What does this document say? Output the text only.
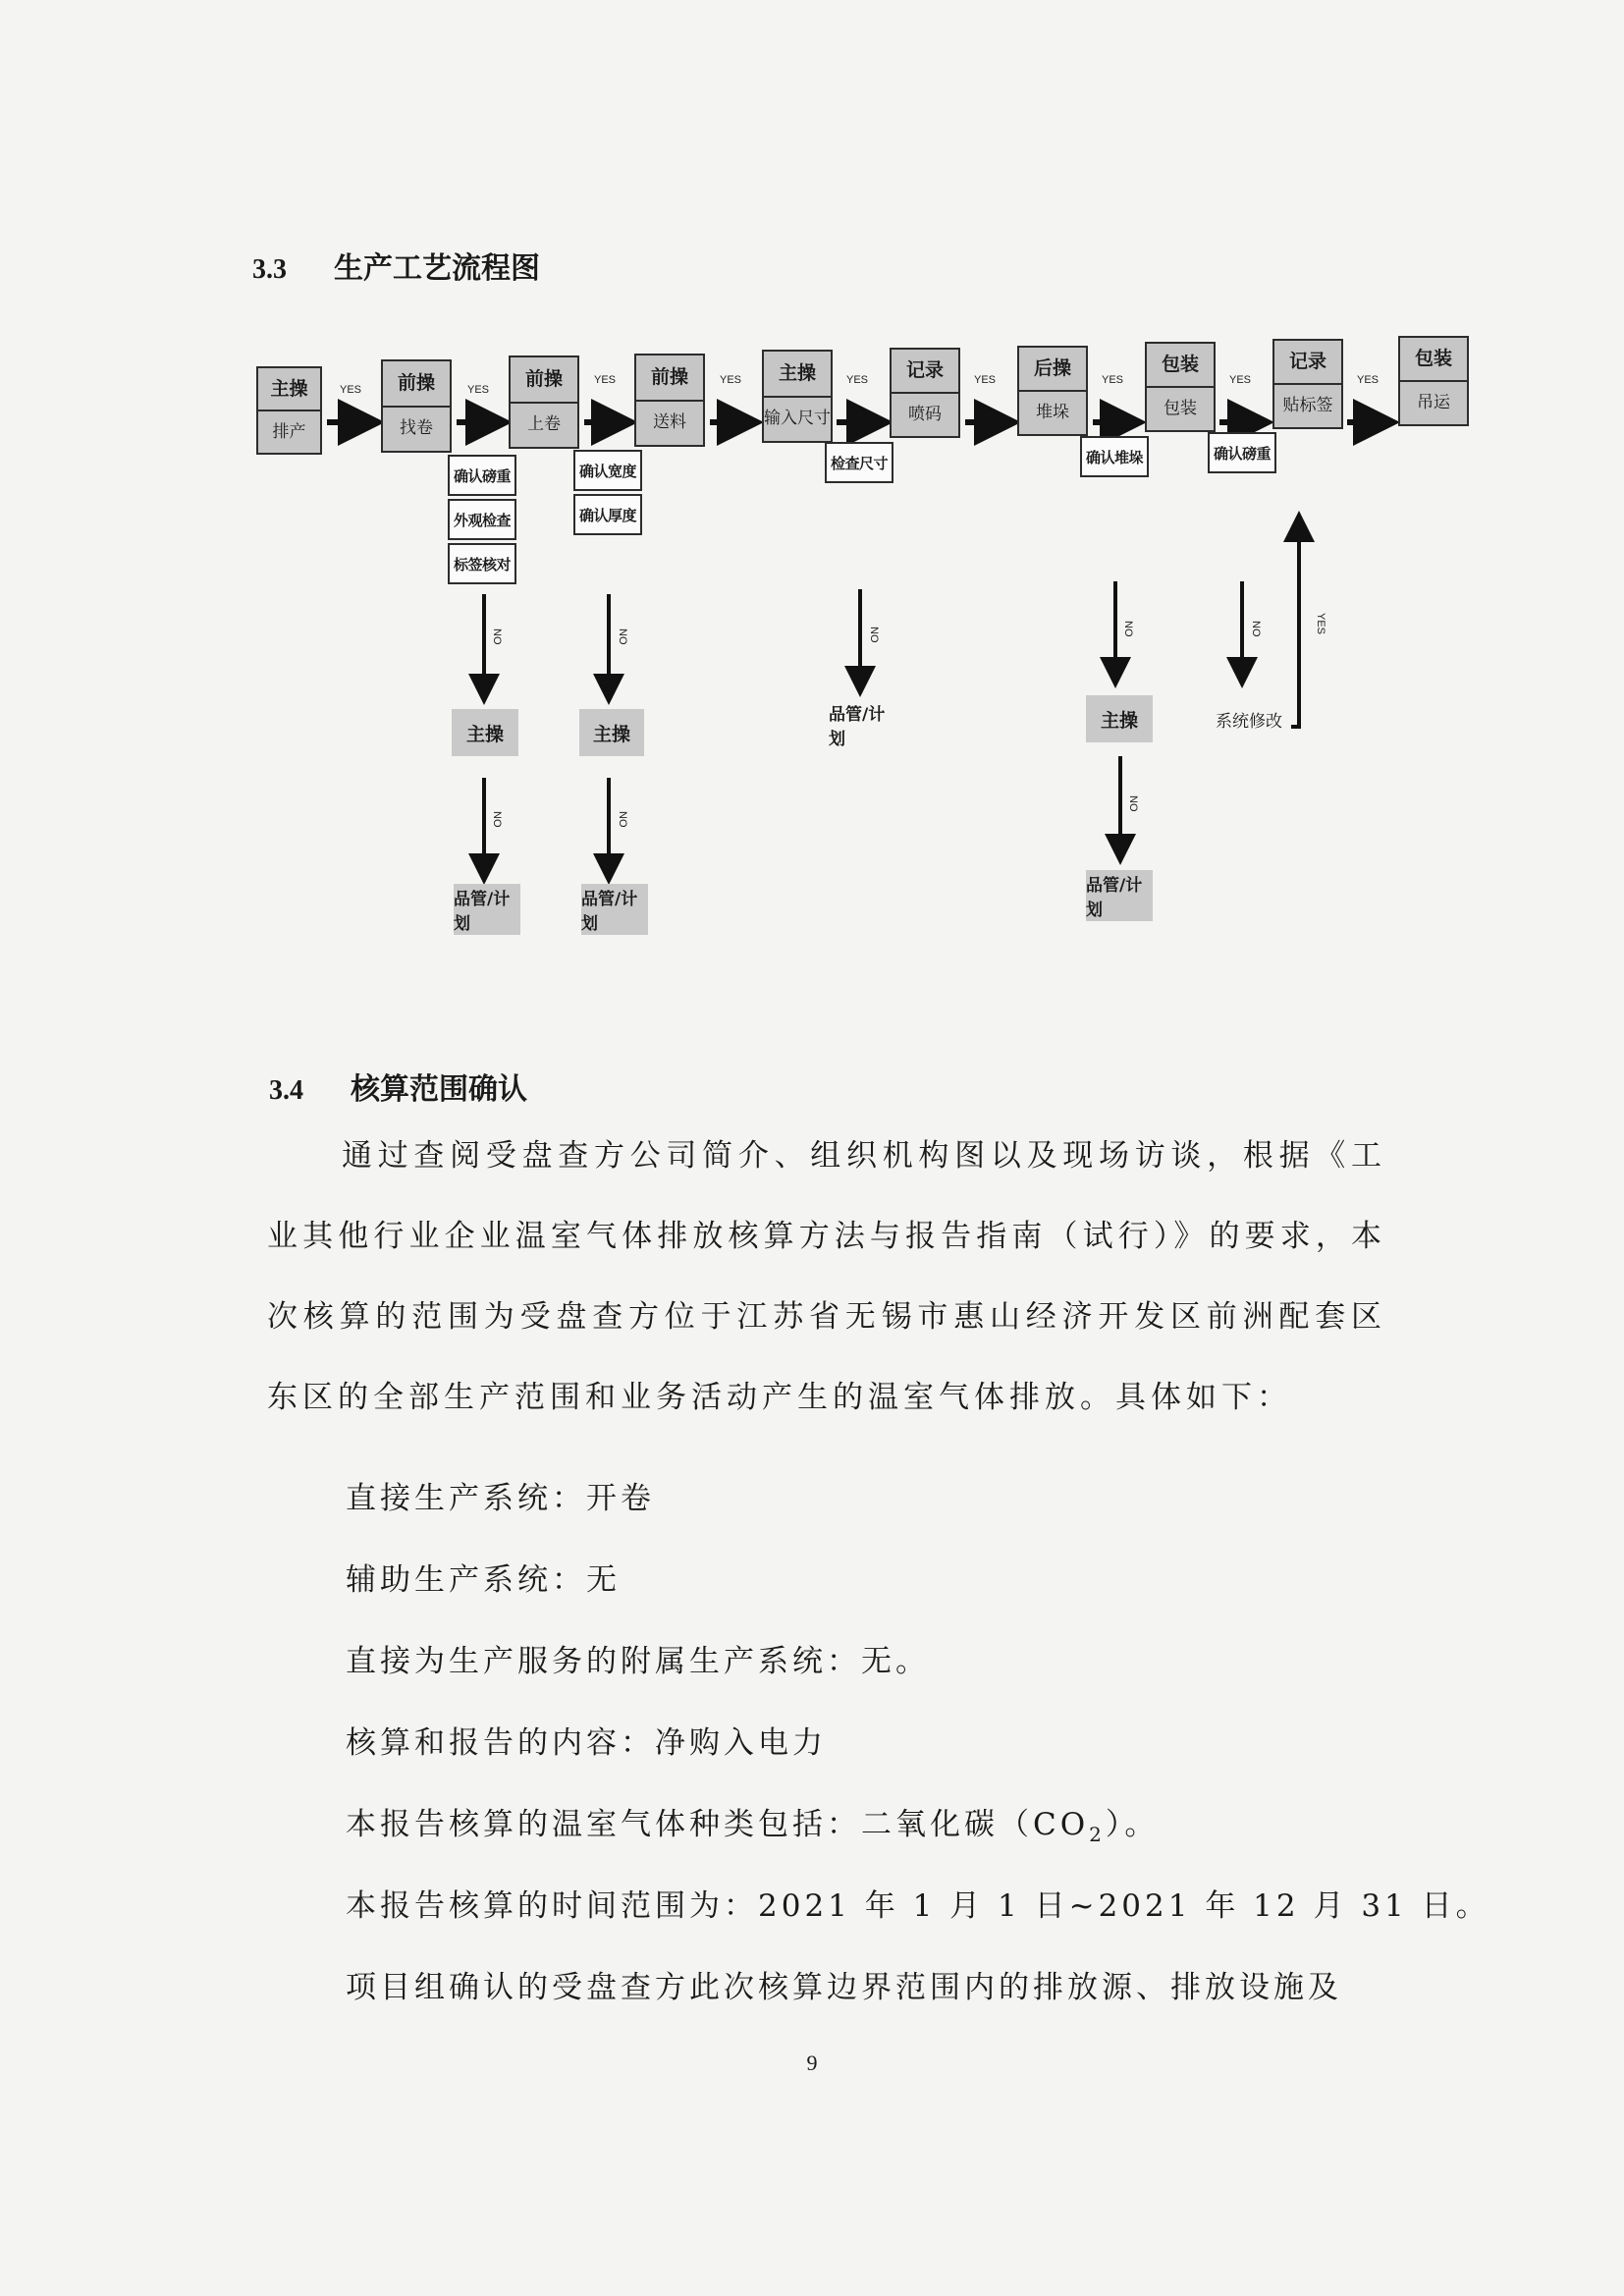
3.3 生产工艺流程图
YES	YES
YES	YES	YES	YES	YES	YES	YES
NO
NO
NO
NO
NO	NO
NO
NO	YES
主操
排产
前操
找卷
前操
上卷
前操
送料
主操
输入尺寸
记录
喷码
后操
堆垛
包装
包装
记录
贴标签
包装
吊运
确认磅重
外观检查
标签核对
确认宽度
确认厚度
检查尺寸	确认堆垛	确认磅重
主操	主操
主操
品管/计划
品管/计划
品管/计划
品管/计划
系统修改
3.4 核算范围确认

通过查阅受盘查方公司简介、组织机构图以及现场访谈，根据《工业其他行业企业温室气体排放核算方法与报告指南（试行）》的要求，本次核算的范围为受盘查方位于江苏省无锡市惠山经济开发区前洲配套区东区的全部生产范围和业务活动产生的温室气体排放。具体如下：

直接生产系统：开卷

辅助生产系统：无

直接为生产服务的附属生产系统：无。

核算和报告的内容：净购入电力

本报告核算的温室气体种类包括：二氧化碳$(CO_2)$。

本报告核算的时间范围为：2021 年 1 月 1 日~2021 年 12 月 31 日。

项目组确认的受盘查方此次核算边界范围内的排放源、排放设施及

9
